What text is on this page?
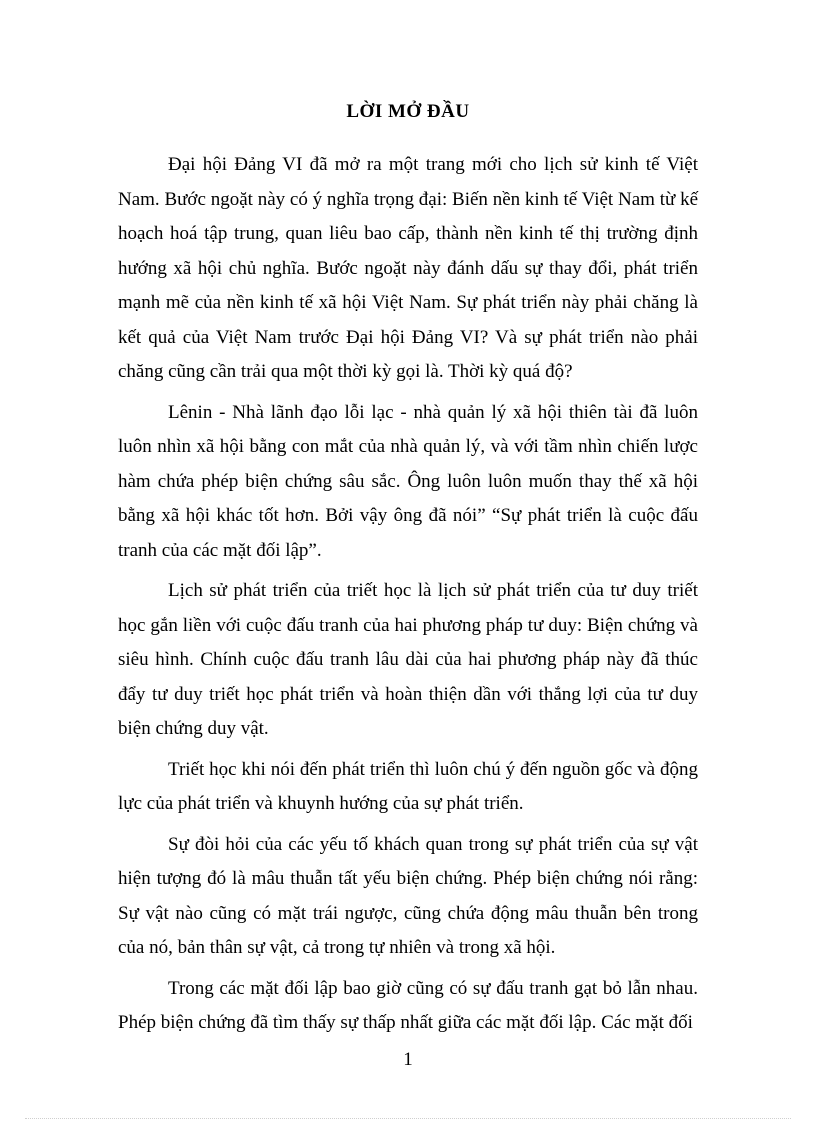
LỜI MỞ ĐẦU

Đại hội Đảng VI đã mở ra một trang mới cho lịch sử kinh tế Việt Nam. Bước ngoặt này có ý nghĩa trọng đại: Biến nền kinh tế Việt Nam từ kế hoạch hoá tập trung, quan liêu bao cấp, thành nền kinh tế thị trường định hướng xã hội chủ nghĩa. Bước ngoặt này đánh dấu sự thay đổi, phát triển mạnh mẽ của nền kinh tế xã hội Việt Nam. Sự phát triển này phải chăng là kết quả của Việt Nam trước Đại hội Đảng VI? Và sự phát triển nào phải chăng cũng cần trải qua một thời kỳ gọi là. Thời kỳ quá độ?

Lênin - Nhà lãnh đạo lỗi lạc - nhà quản lý xã hội thiên tài đã luôn luôn nhìn xã hội bằng con mắt của nhà quản lý, và với tầm nhìn chiến lược hàm chứa phép biện chứng sâu sắc. Ông luôn luôn muốn thay thế xã hội bằng xã hội khác tốt hơn. Bởi vậy ông đã nói” “Sự phát triển là cuộc đấu tranh của các mặt đối lập”.

Lịch sử phát triển của triết học là lịch sử phát triển của tư duy triết học gắn liền với cuộc đấu tranh của hai phương pháp tư duy: Biện chứng và siêu hình. Chính cuộc đấu tranh lâu dài của hai phương pháp này đã thúc đẩy tư duy triết học phát triển và hoàn thiện dần với thắng lợi của tư duy biện chứng duy vật.

Triết học khi nói đến phát triển thì luôn chú ý đến nguồn gốc và động lực của phát triển và khuynh hướng của sự phát triển.

Sự đòi hỏi của các yếu tố khách quan trong sự phát triển của sự vật hiện tượng đó là mâu thuẫn tất yếu biện chứng. Phép biện chứng nói rằng: Sự vật nào cũng có mặt trái ngược, cũng chứa động mâu thuẫn bên trong của nó, bản thân sự vật, cả trong tự nhiên và trong xã hội.

Trong các mặt đối lập bao giờ cũng có sự đấu tranh gạt bỏ lẫn nhau. Phép biện chứng đã tìm thấy sự thấp nhất giữa các mặt đối lập. Các mặt đối

1
